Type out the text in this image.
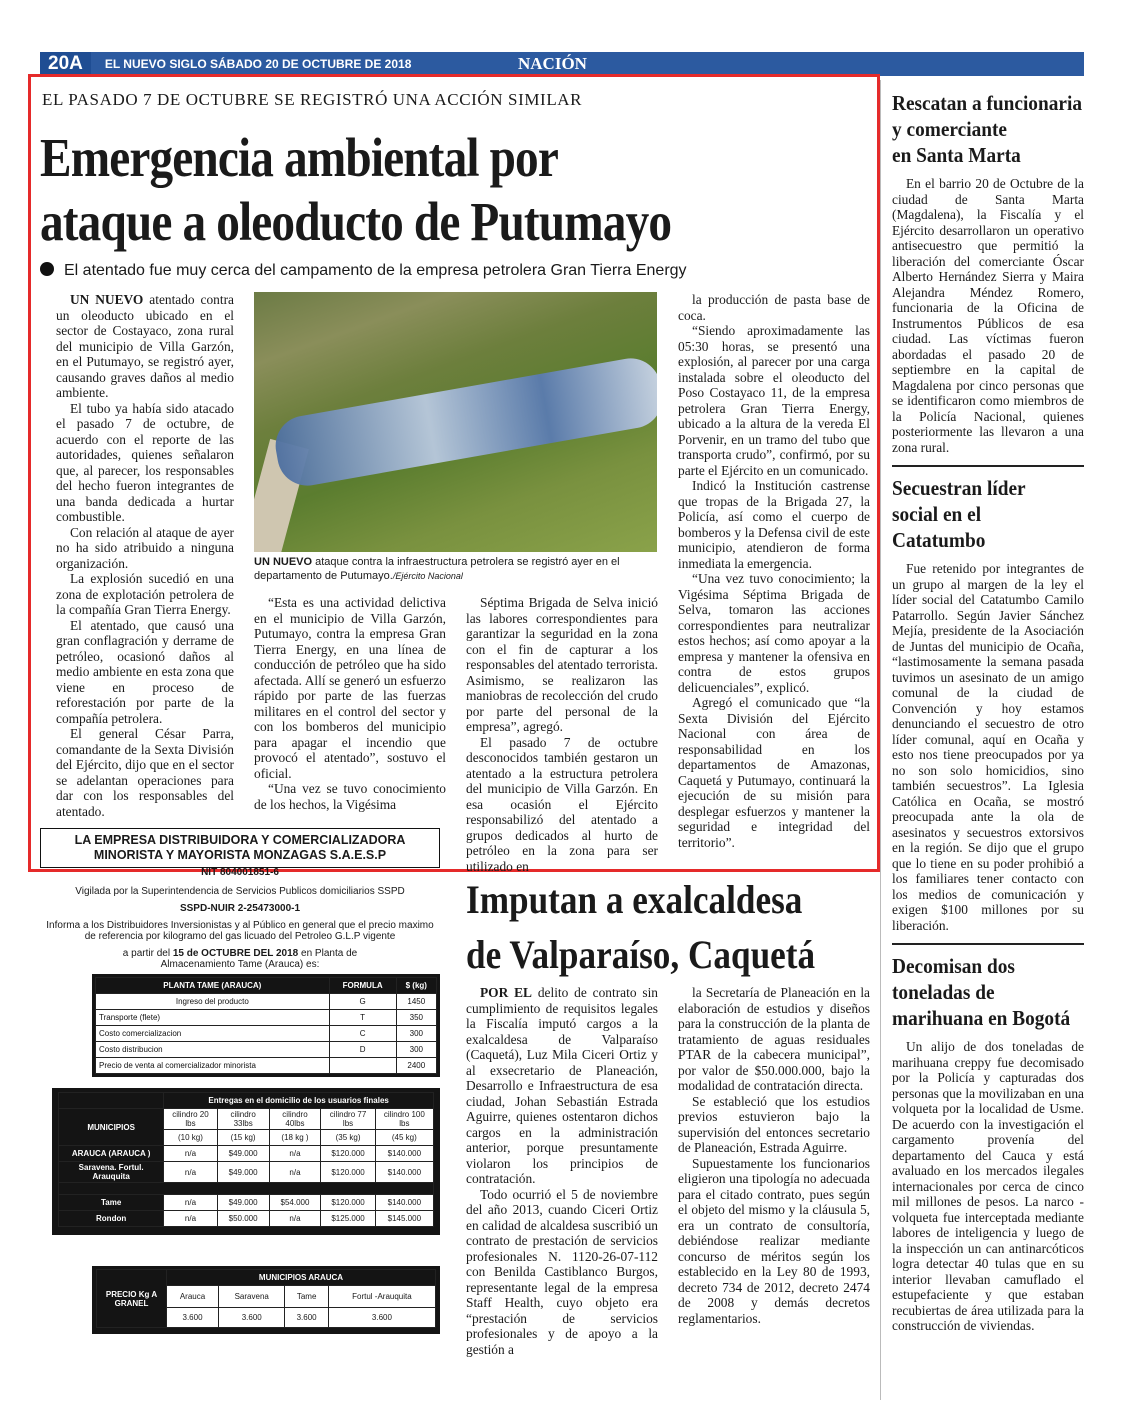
20A	EL NUEVO SIGLO SÁBADO 20 DE OCTUBRE DE 2018	NACIÓN
EL PASADO 7 DE OCTUBRE SE REGISTRÓ UNA ACCIÓN SIMILAR
Emergencia ambiental por
ataque a oleoducto de Putumayo
El atentado fue muy cerca del campamento de la empresa petrolera Gran Tierra Energy

UN NUEVO atentado contra un oleoducto ubicado en el sector de Costayaco, zona rural del municipio de Villa Garzón, en el Putumayo, se registró ayer, causando graves daños al medio ambiente.

El tubo ya había sido atacado el pasado 7 de octubre, de acuerdo con el reporte de las autoridades, quienes señalaron que, al parecer, los responsables del hecho fueron integrantes de una banda dedicada a hurtar combustible.

Con relación al ataque de ayer no ha sido atribuido a ninguna organización.

La explosión sucedió en una zona de explotación petrolera de la compañía Gran Tierra Energy.

El atentado, que causó una gran conflagración y derrame de petróleo, ocasionó daños al medio ambiente en esta zona que viene en proceso de reforestación por parte de la compañía petrolera.

El general César Parra, comandante de la Sexta División del Ejército, dijo que en el sector se adelantan operaciones para dar con los responsables del atentado.

UN NUEVO ataque contra la infraestructura petrolera se registró ayer en el departamento de Putumayo./Ejército Nacional

“Esta es una actividad delictiva en el municipio de Villa Garzón, Putumayo, contra la empresa Gran Tierra Energy, en una línea de conducción de petróleo que ha sido afectada. Allí se generó un esfuerzo rápido por parte de las fuerzas militares en el control del sector y con los bomberos del municipio para apagar el incendio que provocó el atentado”, sostuvo el oficial.

“Una vez se tuvo conocimiento de los hechos, la Vigésima

Séptima Brigada de Selva inició las labores correspondientes para garantizar la seguridad en la zona con el fin de capturar a los responsables del atentado terrorista. Asimismo, se realizaron las maniobras de recolección del crudo por parte del personal de la empresa”, agregó.

El pasado 7 de octubre desconocidos también gestaron un atentado a la estructura petrolera del municipio de Villa Garzón. En esa ocasión el Ejército responsabilizó del atentado a grupos dedicados al hurto de petróleo en la zona para ser utilizado en

la producción de pasta base de coca.

“Siendo aproximadamente las 05:30 horas, se presentó una explosión, al parecer por una carga instalada sobre el oleoducto del Poso Costayaco 11, de la empresa petrolera Gran Tierra Energy, ubicado a la altura de la vereda El Porvenir, en un tramo del tubo que transporta crudo”, confirmó, por su parte el Ejército en un comunicado.

Indicó la Institución castrense que tropas de la Brigada 27, la Policía, así como el cuerpo de bomberos y la Defensa civil de este municipio, atendieron de forma inmediata la emergencia.

“Una vez tuvo conocimiento; la Vigésima Séptima Brigada de Selva, tomaron las acciones correspondientes para neutralizar estos hechos; así como apoyar a la empresa y mantener la ofensiva en contra de estos grupos delicuenciales”, explicó.

Agregó el comunicado que “la Sexta División del Ejército Nacional con área de responsabilidad en los departamentos de Amazonas, Caquetá y Putumayo, continuará la ejecución de su misión para desplegar esfuerzos y mantener la seguridad e integridad del territorio”.

Rescatan a funcionaria
y comerciante
en Santa Marta
En el barrio 20 de Octubre de la ciudad de Santa Marta (Magdalena), la Fiscalía y el Ejército desarrollaron un operativo antisecuestro que permitió la liberación del comerciante Óscar Alberto Hernández Sierra y Maira Alejandra Méndez Romero, funcionaria de la Oficina de Instrumentos Públicos de esa ciudad. Las víctimas fueron abordadas el pasado 20 de septiembre en la capital de Magdalena por cinco personas que se identificaron como miembros de la Policía Nacional, quienes posteriormente las llevaron a una zona rural.
Secuestran líder
social en el
Catatumbo
Fue retenido por integrantes de un grupo al margen de la ley el líder social del Catatumbo Camilo Patarrollo. Según Javier Sánchez Mejía, presidente de la Asociación de Juntas del municipio de Ocaña, “lastimosamente la semana pasada tuvimos un asesinato de un amigo comunal de la ciudad de Convención y hoy estamos denunciando el secuestro de otro líder comunal, aquí en Ocaña y esto nos tiene preocupados por ya no son solo homicidios, sino también secuestros”. La Iglesia Católica en Ocaña, se mostró preocupada ante la ola de asesinatos y secuestros extorsivos en la región. Se dijo que el grupo que lo tiene en su poder prohibió a los familiares tener contacto con los medios de comunicación y exigen $100 millones por su liberación.
Decomisan dos
toneladas de
marihuana en Bogotá
Un alijo de dos toneladas de marihuana creppy fue decomisado por la Policía y capturadas dos personas que la movilizaban en una volqueta por la localidad de Usme. De acuerdo con la investigación el cargamento provenía del departamento del Cauca y está avaluado en los mercados ilegales internacionales por cerca de cinco mil millones de pesos. La narco - volqueta fue interceptada mediante labores de inteligencia y luego de la inspección un can antinarcóticos logra detectar 40 tulas que en su interior llevaban camuflado el estupefaciente y que estaban recubiertas de área utilizada para la construcción de viviendas.
Imputan a exalcaldesa
de Valparaíso, Caquetá

POR EL delito de contrato sin cumplimiento de requisitos legales la Fiscalía imputó cargos a la exalcaldesa de Valparaíso (Caquetá), Luz Mila Ciceri Ortiz y al exsecretario de Planeación, Desarrollo e Infraestructura de esa ciudad, Johan Sebastián Estrada Aguirre, quienes ostentaron dichos cargos en la administración anterior, porque presuntamente violaron los principios de contratación.

Todo ocurrió el 5 de noviembre del año 2013, cuando Ciceri Ortiz en calidad de alcaldesa suscribió un contrato de prestación de servicios profesionales N. 1120-26-07-112 con Benilda Castiblanco Burgos, representante legal de la empresa Staff Health, cuyo objeto era “prestación de servicios profesionales y de apoyo a la gestión a

la Secretaría de Planeación en la elaboración de estudios y diseños para la construcción de la planta de tratamiento de aguas residuales PTAR de la cabecera municipal”, por valor de $50.000.000, bajo la modalidad de contratación directa.

Se estableció que los estudios previos estuvieron bajo la supervisión del entonces secretario de Planeación, Estrada Aguirre.

Supuestamente los funcionarios eligieron una tipología no adecuada para el citado contrato, pues según el objeto del mismo y la cláusula 5, era un contrato de consultoría, debiéndose realizar mediante concurso de méritos según los establecido en la Ley 80 de 1993, decreto 734 de 2012, decreto 2474 de 2008 y demás decretos reglamentarios.

LA EMPRESA DISTRIBUIDORA Y COMERCIALIZADORA
MINORISTA Y MAYORISTA MONZAGAS S.A.E.S.P
NIT 804001851-6
Vigilada por la Superintendencia de Servicios Publicos domiciliarios SSPD
SSPD-NUIR 2-25473000-1
Informa a los Distribuidores Inversionistas y al Público en general que el precio maximo
de referencia por kilogramo del gas licuado del Petroleo G.L.P vigente
a partir del 15 de OCTUBRE DEL 2018 en Planta de
Almacenamiento Tame (Arauca) es:
PLANTA TAME (ARAUCA)	FORMULA	$ (kg)
Ingreso del producto	G	1450
Transporte (flete)	T	350
Costo comercializacion	C	300
Costo distribucion	D	300
Precio de venta al comercializador minorista		2400
	Entregas en el domicilio de los usuarios finales				
MUNICIPIOS	cilindro 20 lbs	cilindro 33lbs	cilindro 40lbs	cilindro 77 lbs	cilindro 100 lbs
	(10 kg)	(15 kg)	(18 kg )	(35 kg)	(45 kg)
ARAUCA (ARAUCA )	n/a	$49.000	n/a	$120.000	$140.000
Saravena. Fortul. Arauquita	n/a	$49.000	n/a	$120.000	$140.000

Tame	n/a	$49.000	$54.000	$120.000	$140.000
Rondon	n/a	$50.000	n/a	$125.000	$145.000
PRECIO Kg A GRANEL	MUNICIPIOS ARAUCA			
	Arauca	Saravena	Tame	Fortul -Arauquita
	3.600	3.600	3.600	3.600
